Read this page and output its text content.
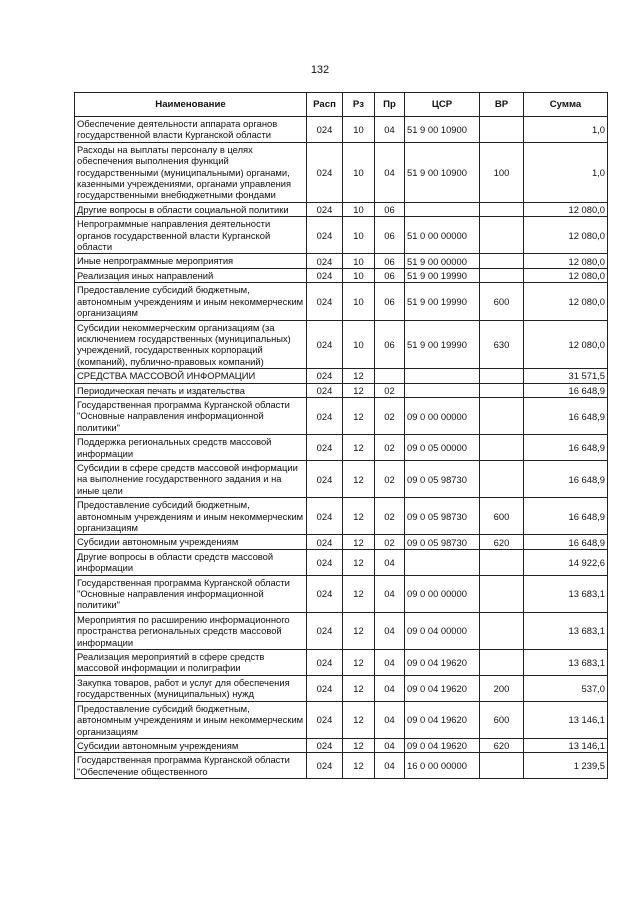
132
Наименование	Расп	Рз	Пр	ЦСР	ВР	Сумма
Обеспечение деятельности аппарата органов государственной власти Курганской области	024	10	04	51 9 00 10900		1,0
Расходы на выплаты персоналу в целях обеспечения выполнения функций государственными (муниципальными) органами, казенными учреждениями, органами управления государственными внебюджетными фондами	024	10	04	51 9 00 10900	100	1,0
Другие вопросы в области социальной политики	024	10	06			12 080,0
Непрограммные направления деятельности органов государственной власти Курганской области	024	10	06	51 0 00 00000		12 080,0
Иные непрограммные мероприятия	024	10	06	51 9 00 00000		12 080,0
Реализация иных направлений	024	10	06	51 9 00 19990		12 080,0
Предоставление субсидий бюджетным, автономным учреждениям и иным некоммерческим организациям	024	10	06	51 9 00 19990	600	12 080,0
Субсидии некоммерческим организациям (за исключением государственных (муниципальных) учреждений, государственных корпораций (компаний), публично-правовых компаний)	024	10	06	51 9 00 19990	630	12 080,0
СРЕДСТВА МАССОВОЙ ИНФОРМАЦИИ	024	12				31 571,5
Периодическая печать и издательства	024	12	02			16 648,9
Государственная программа Курганской области "Основные направления информационной политики"	024	12	02	09 0 00 00000		16 648,9
Поддержка региональных средств массовой информации	024	12	02	09 0 05 00000		16 648,9
Субсидии в сфере средств массовой информации на выполнение государственного задания и на иные цели	024	12	02	09 0 05 98730		16 648,9
Предоставление субсидий бюджетным, автономным учреждениям и иным некоммерческим организациям	024	12	02	09 0 05 98730	600	16 648,9
Субсидии автономным учреждениям	024	12	02	09 0 05 98730	620	16 648,9
Другие вопросы в области средств массовой информации	024	12	04			14 922,6
Государственная программа Курганской области "Основные направления информационной политики"	024	12	04	09 0 00 00000		13 683,1
Мероприятия по расширению информационного пространства региональных средств массовой информации	024	12	04	09 0 04 00000		13 683,1
Реализация мероприятий в сфере средств массовой информации и полиграфии	024	12	04	09 0 04 19620		13 683,1
Закупка товаров, работ и услуг для обеспечения государственных (муниципальных) нужд	024	12	04	09 0 04 19620	200	537,0
Предоставление субсидий бюджетным, автономным учреждениям и иным некоммерческим организациям	024	12	04	09 0 04 19620	600	13 146,1
Субсидии автономным учреждениям	024	12	04	09 0 04 19620	620	13 146,1
Государственная программа Курганской области "Обеспечение общественного	024	12	04	16 0 00 00000		1 239,5
